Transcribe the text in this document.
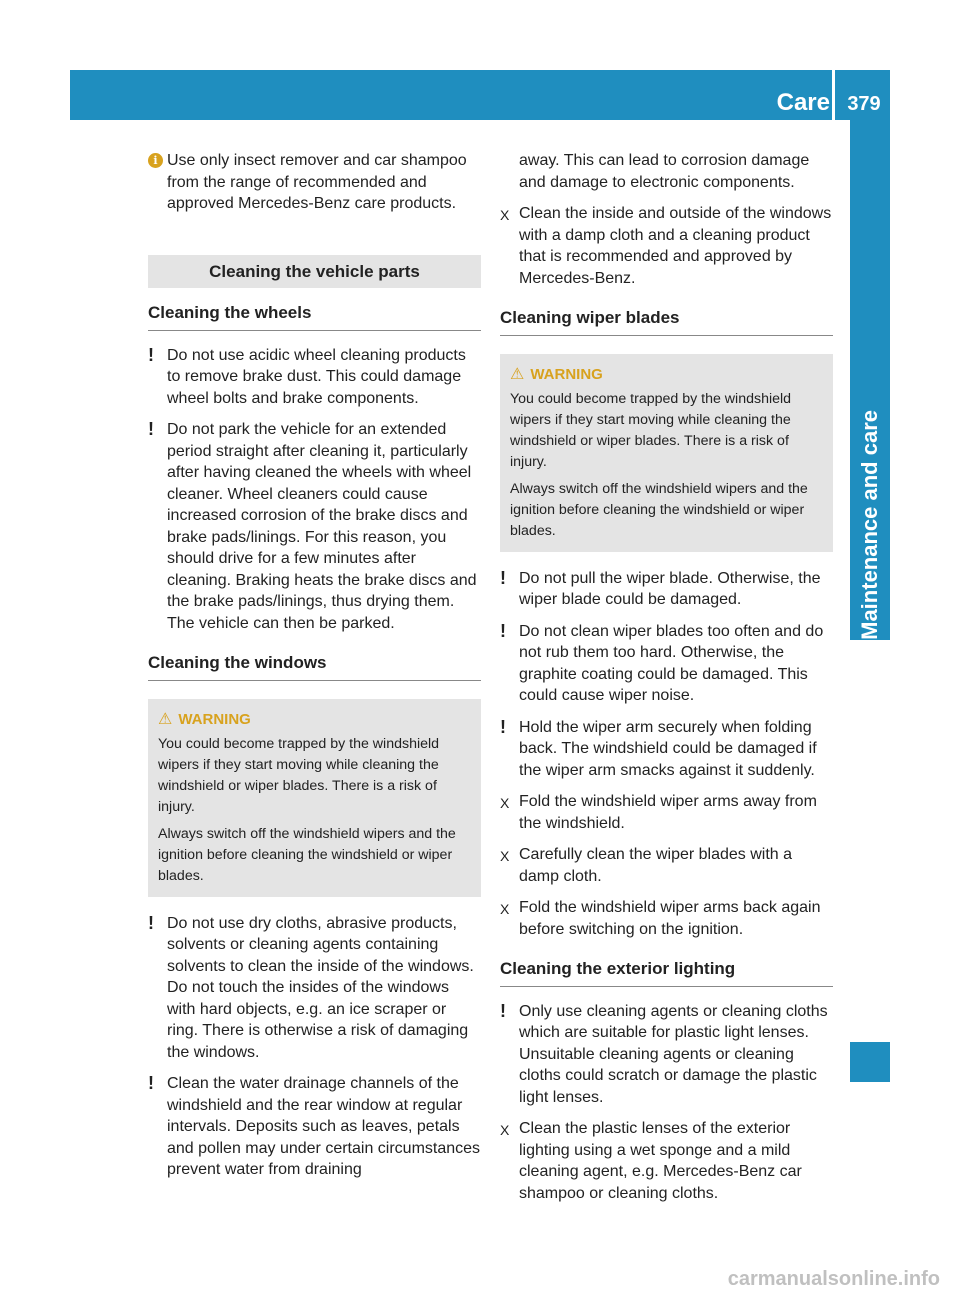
Care 379
Maintenance and care
i Use only insect remover and car shampoo from the range of recommended and approved Mercedes-Benz care products.

Cleaning the vehicle parts
Cleaning the wheels
! Do not use acidic wheel cleaning products to remove brake dust. This could damage wheel bolts and brake components.

! Do not park the vehicle for an extended period straight after cleaning it, particularly after having cleaned the wheels with wheel cleaner. Wheel cleaners could cause increased corrosion of the brake discs and brake pads/linings. For this reason, you should drive for a few minutes after cleaning. Braking heats the brake discs and the brake pads/linings, thus drying them. The vehicle can then be parked.

Cleaning the windows
⚠ WARNING

You could become trapped by the windshield wipers if they start moving while cleaning the windshield or wiper blades. There is a risk of injury.

Always switch off the windshield wipers and the ignition before cleaning the windshield or wiper blades.

! Do not use dry cloths, abrasive products, solvents or cleaning agents containing solvents to clean the inside of the windows. Do not touch the insides of the windows with hard objects, e.g. an ice scraper or ring. There is otherwise a risk of damaging the windows.

! Clean the water drainage channels of the windshield and the rear window at regular intervals. Deposits such as leaves, petals and pollen may under certain circumstances prevent water from draining

away. This can lead to corrosion damage and damage to electronic components.

X Clean the inside and outside of the windows with a damp cloth and a cleaning product that is recommended and approved by Mercedes-Benz.

Cleaning wiper blades
⚠ WARNING

You could become trapped by the windshield wipers if they start moving while cleaning the windshield or wiper blades. There is a risk of injury.

Always switch off the windshield wipers and the ignition before cleaning the windshield or wiper blades.

! Do not pull the wiper blade. Otherwise, the wiper blade could be damaged.

! Do not clean wiper blades too often and do not rub them too hard. Otherwise, the graphite coating could be damaged. This could cause wiper noise.

! Hold the wiper arm securely when folding back. The windshield could be damaged if the wiper arm smacks against it suddenly.

X Fold the windshield wiper arms away from the windshield.

X Carefully clean the wiper blades with a damp cloth.

X Fold the windshield wiper arms back again before switching on the ignition.

Cleaning the exterior lighting
! Only use cleaning agents or cleaning cloths which are suitable for plastic light lenses. Unsuitable cleaning agents or cleaning cloths could scratch or damage the plastic light lenses.

X Clean the plastic lenses of the exterior lighting using a wet sponge and a mild cleaning agent, e.g. Mercedes-Benz car shampoo or cleaning cloths.

carmanualsonline.info
